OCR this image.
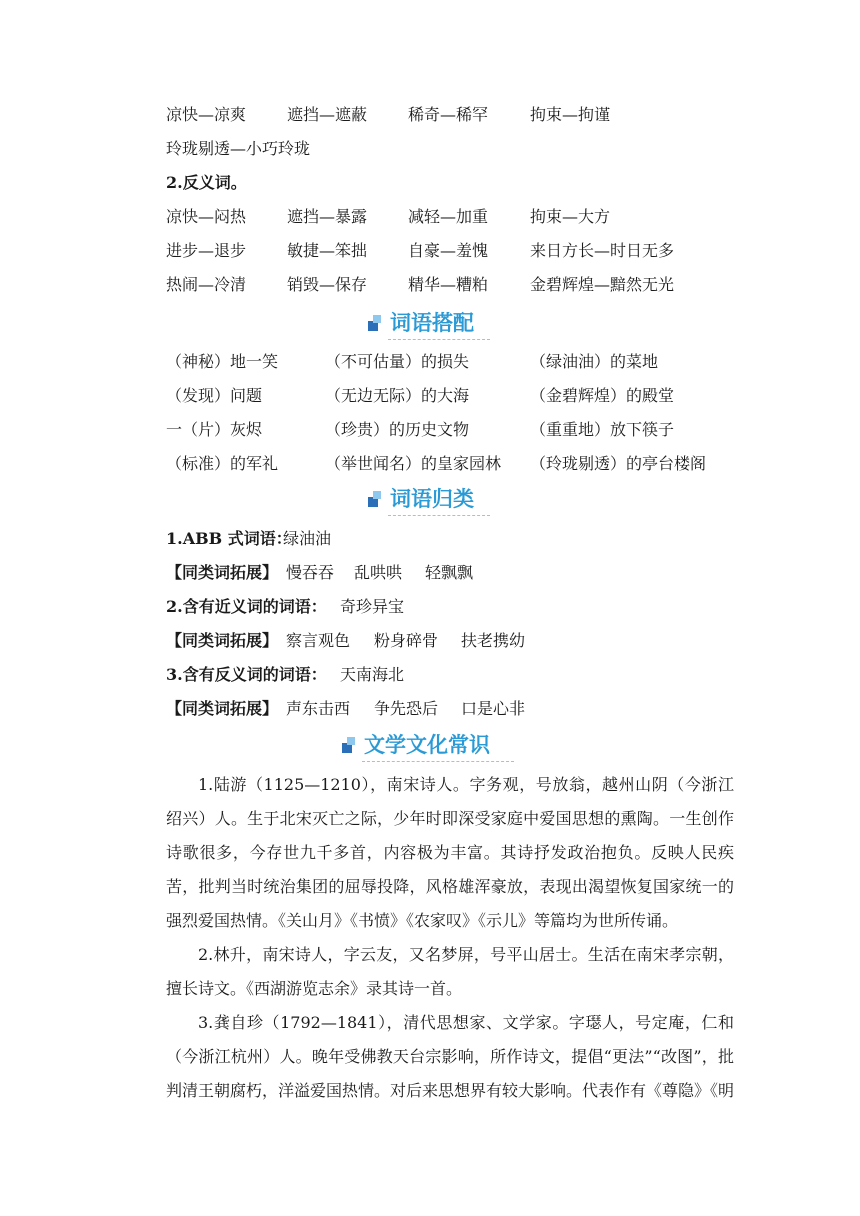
凉快—凉爽	遮挡—遮蔽	稀奇—稀罕	拘束—拘谨
玲珑剔透—小巧玲珑
2.反义词。
凉快—闷热	遮挡—暴露	减轻—加重	拘束—大方
进步—退步	敏捷—笨拙	自豪—羞愧	来日方长—时日无多
热闹—冷清	销毁—保存	精华—糟粕	金碧辉煌—黯然无光
词语搭配
（神秘）地一笑	（不可估量）的损失	（绿油油）的菜地
（发现）问题	（无边无际）的大海	（金碧辉煌）的殿堂
一（片）灰烬	（珍贵）的历史文物	（重重地）放下筷子
（标准）的军礼	（举世闻名）的皇家园林 （玲珑剔透）的亭台楼阁
词语归类
1.ABB 式词语：
绿油油
【同类词拓展】 慢吞吞 乱哄哄 轻飘飘
2.含有近义词的词语： 奇珍异宝
【同类词拓展】 察言观色 粉身碎骨 扶老携幼
3.含有反义词的词语： 天南海北
【同类词拓展】 声东击西 争先恐后 口是心非
文学文化常识

1.陆游（1125—1210），南宋诗人。字务观，号放翁，越州山阴（今浙江绍兴）人。生于北宋灭亡之际，少年时即深受家庭中爱国思想的熏陶。一生创作诗歌很多，今存世九千多首，内容极为丰富。其诗抒发政治抱负。反映人民疾苦，批判当时统治集团的屈辱投降，风格雄浑豪放，表现出渴望恢复国家统一的强烈爱国热情。《关山月》《书愤》《农家叹》《示儿》等篇均为世所传诵。

2.林升，南宋诗人，字云友，又名梦屏，号平山居士。生活在南宋孝宗朝，擅长诗文。《西湖游览志余》录其诗一首。

3.龚自珍（1792—1841），清代思想家、文学家。字璱人，号定庵，仁和（今浙江杭州）人。晚年受佛教天台宗影响，所作诗文，提倡“更法”“改图”，批判清王朝腐朽，洋溢爱国热情。对后来思想界有较大影响。代表作有《尊隐》《明
